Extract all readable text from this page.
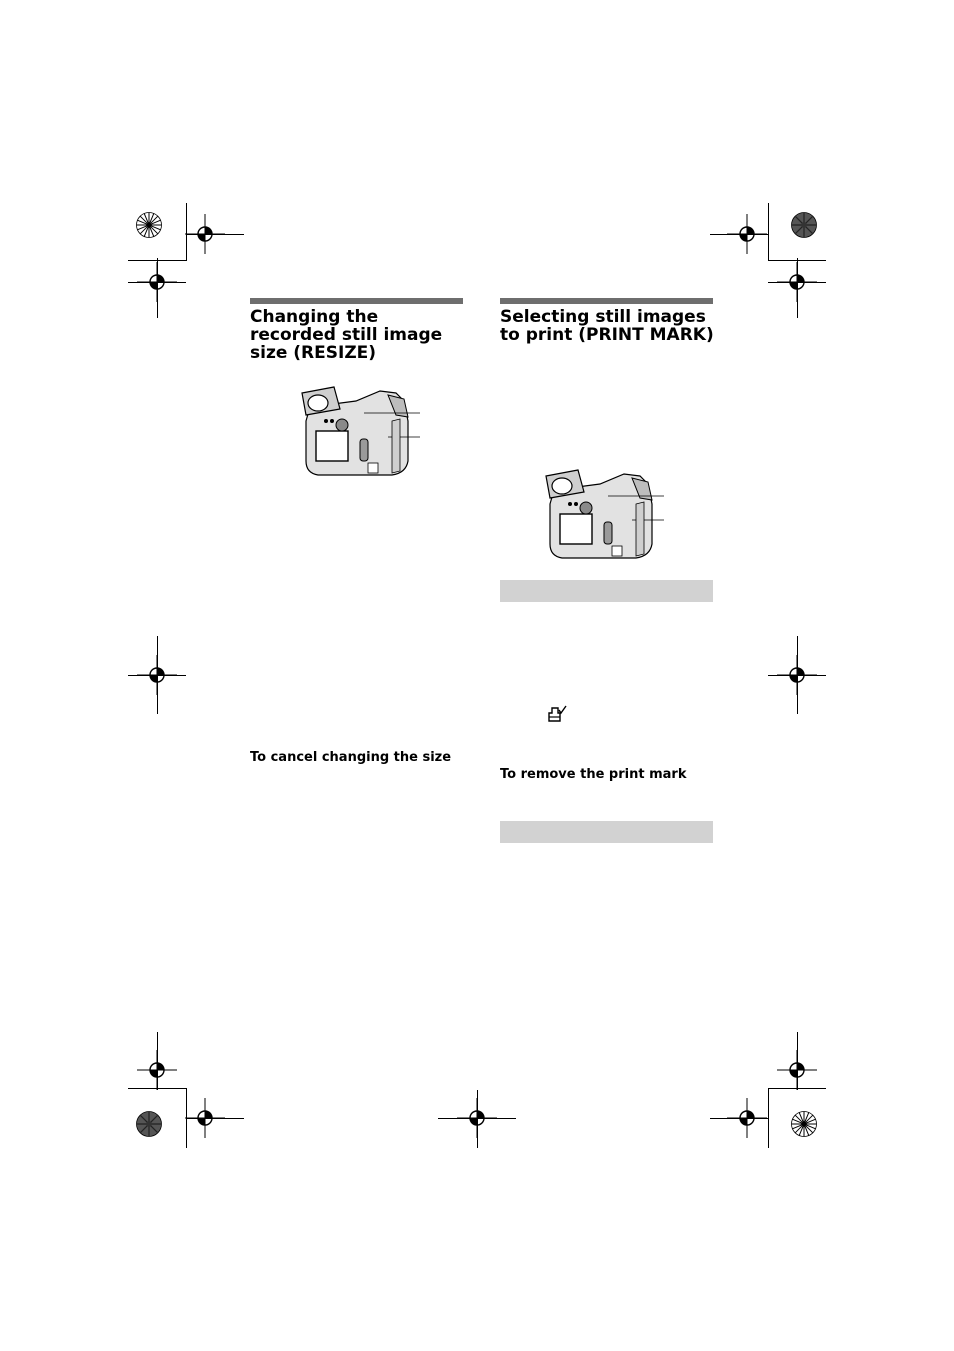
Changing the recorded still image size (RESIZE)
To cancel changing the size
Selecting still images to print (PRINT MARK)
To remove the print mark
